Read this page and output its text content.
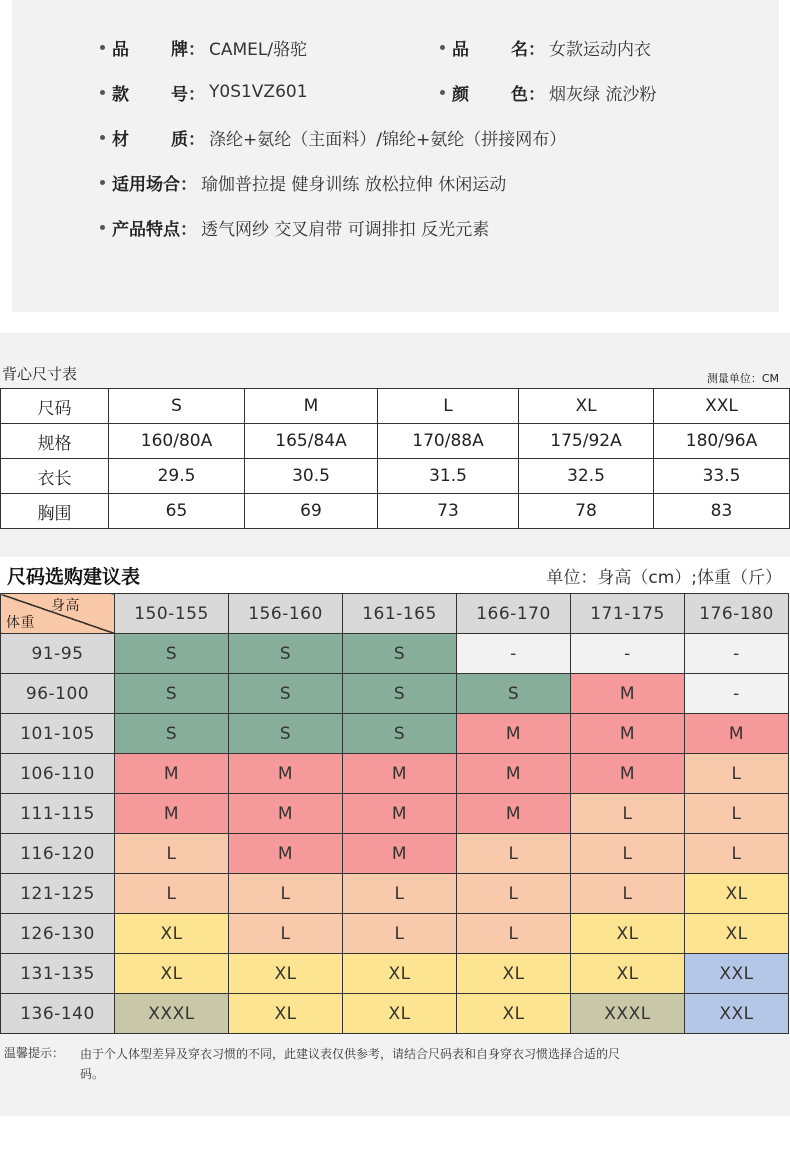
品 牌 ： CAMEL/骆驼	品 名 ： 女款运动内衣
款 号 ： Y0S1VZ601	颜 色 ： 烟灰绿 流沙粉
材 质 ： 涤纶+氨纶（主面料）/锦纶+氨纶（拼接网布）
适用场合 ： 瑜伽普拉提 健身训练 放松拉伸 休闲运动
产品特点 ： 透气网纱 交叉肩带 可调排扣 反光元素
背心尺寸表	测量单位：CM
尺码	S	M	L	XL	XXL
规格	160/80A	165/84A	170/88A	175/92A	180/96A
衣长	29.5	30.5	31.5	32.5	33.5
胸围	65	69	73	78	83
尺码选购建议表	单位：身高（cm）;体重（斤）
身高
体重	150-155	156-160	161-165	166-170	171-175	176-180
91-95	S	S	S	-	-	-
96-100	S	S	S	S	M	-
101-105	S	S	S	M	M	M
106-110	M	M	M	M	M	L
111-115	M	M	M	M	L	L
116-120	L	M	M	L	L	L
121-125	L	L	L	L	L	XL
126-130	XL	L	L	L	XL	XL
131-135	XL	XL	XL	XL	XL	XXL
136-140	XXXL	XL	XL	XL	XXXL	XXL
温馨提示： 由于个人体型差异及穿衣习惯的不同，此建议表仅供参考，请结合尺码表和自身穿衣习惯选择合适的尺码。
